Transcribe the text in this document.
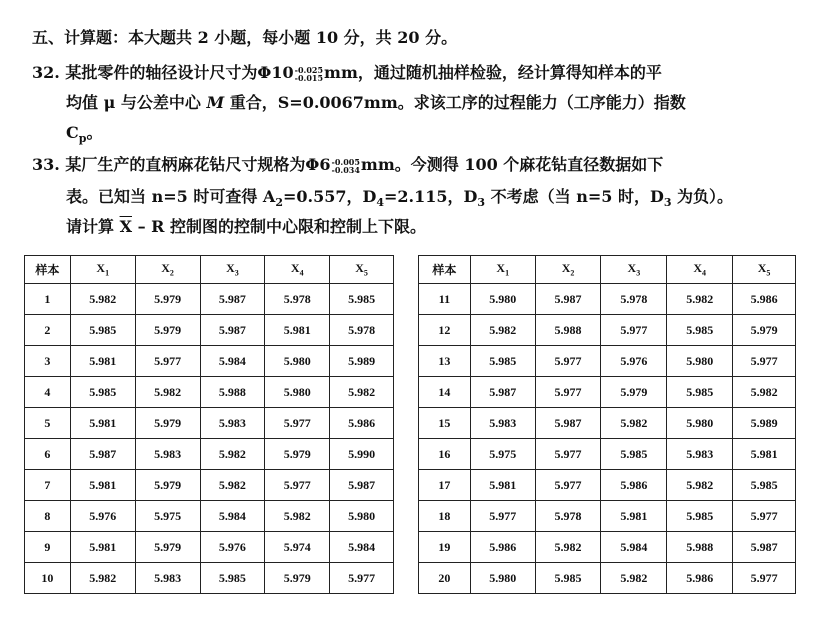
五、计算题：本大题共 2 小题，每小题 10 分，共 20 分。
32. 某批零件的轴径设计尺寸为Φ10 -0.025
-0.015 mm，通过随机抽样检验，经计算得知样本的平
均值 μ 与公差中心 M 重合，S=0.0067mm。求该工序的过程能力（工序能力）指数
$C_p$。
33. 某厂生产的直柄麻花钻尺寸规格为Φ6 -0.005
-0.034 mm。今测得 100 个麻花钻直径数据如下
表。已知当 n=5 时可查得 $A_2=0.557$，$D_4=2.115$，$D_3$ 不考虑（当 n=5 时，$D_3$ 为负）。
请计算 $\overline{X}$ – R 控制图的控制中心限和控制上下限。
样本	$X_1$	$X_2$	$X_3$	$X_4$	$X_5$
1	5.982	5.979	5.987	5.978	5.985
2	5.985	5.979	5.987	5.981	5.978
3	5.981	5.977	5.984	5.980	5.989
4	5.985	5.982	5.988	5.980	5.982
5	5.981	5.979	5.983	5.977	5.986
6	5.987	5.983	5.982	5.979	5.990
7	5.981	5.979	5.982	5.977	5.987
8	5.976	5.975	5.984	5.982	5.980
9	5.981	5.979	5.976	5.974	5.984
10	5.982	5.983	5.985	5.979	5.977
样本	$X_1$	$X_2$	$X_3$	$X_4$	$X_5$
11	5.980	5.987	5.978	5.982	5.986
12	5.982	5.988	5.977	5.985	5.979
13	5.985	5.977	5.976	5.980	5.977
14	5.987	5.977	5.979	5.985	5.982
15	5.983	5.987	5.982	5.980	5.989
16	5.975	5.977	5.985	5.983	5.981
17	5.981	5.977	5.986	5.982	5.985
18	5.977	5.978	5.981	5.985	5.977
19	5.986	5.982	5.984	5.988	5.987
20	5.980	5.985	5.982	5.986	5.977
